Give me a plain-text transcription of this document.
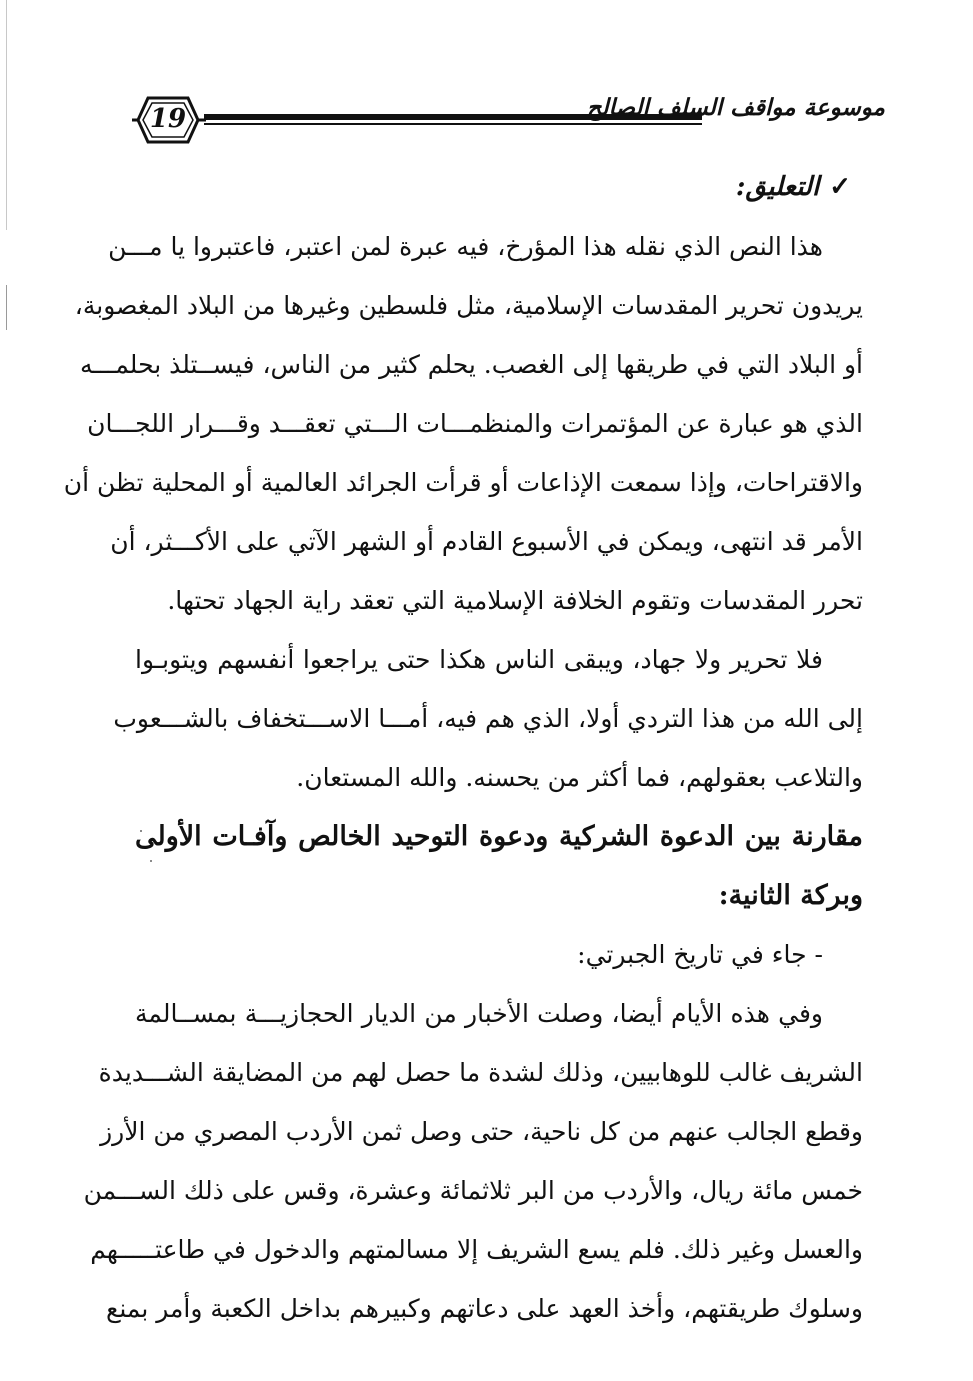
19	موسوعة مواقف السلف الصالح
✓التعليق:
هذا النص الذي نقله هذا المؤرخ، فيه عبرة لمن اعتبر، فاعتبروا يا مـــن
يريدون تحرير المقدسات الإسلامية، مثل فلسطين وغيرها من البلاد المغصوبة،
أو البلاد التي في طريقها إلى الغصب. يحلم كثير من الناس، فيســتلذ بحلمـــه
الذي هو عبارة عن المؤتمرات والمنظمـــات الـــتي تعقـــد وقـــرار اللجـــان
والاقتراحات، وإذا سمعت الإذاعات أو قرأت الجرائد العالمية أو المحلية تظن أن
الأمر قد انتهى، ويمكن في الأسبوع القادم أو الشهر الآتي على الأكـــثر، أن
تحرر المقدسات وتقوم الخلافة الإسلامية التي تعقد راية الجهاد تحتها.
فلا تحرير ولا جهاد، ويبقى الناس هكذا حتى يراجعوا أنفسهم ويتوبـوا
إلى الله من هذا التردي أولا، الذي هم فيه، أمـــا الاســـتخفاف بالشـــعوب
والتلاعب بعقولهم، فما أكثر من يحسنه. والله المستعان.
مقارنة بين الدعوة الشركية ودعوة التوحيد الخالص وآفـات الأولى
وبركة الثانية:
- جاء في تاريخ الجبرتي:
وفي هذه الأيام أيضا، وصلت الأخبار من الديار الحجازيـــة بمســالمة
الشريف غالب للوهابيين، وذلك لشدة ما حصل لهم من المضايقة الشـــديدة
وقطع الجالب عنهم من كل ناحية، حتى وصل ثمن الأردب المصري من الأرز
خمس مائة ريال، والأردب من البر ثلاثمائة وعشرة، وقس على ذلك الســـمن
والعسل وغير ذلك. فلم يسع الشريف إلا مسالمتهم والدخول في طاعتـــــهم
وسلوك طريقتهم، وأخذ العهد على دعاتهم وكبيرهم بداخل الكعبة وأمر بمنع
